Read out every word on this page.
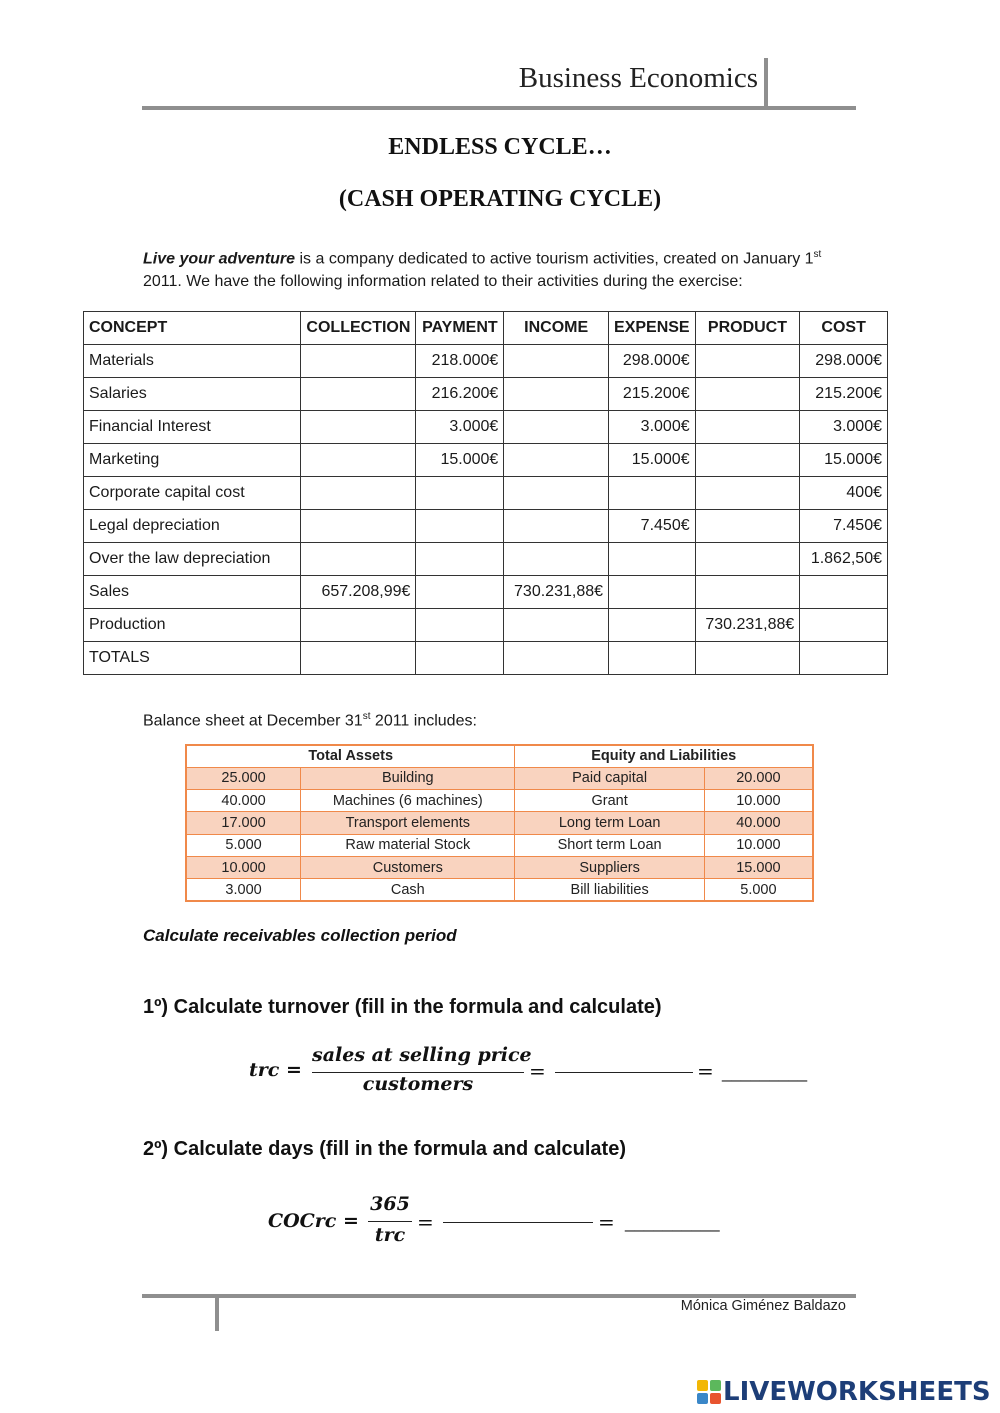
Business Economics
ENDLESS CYCLE…
(CASH OPERATING CYCLE)
Live your adventure is a company dedicated to active tourism activities, created on January 1st
2011. We have the following information related to their activities during the exercise:
CONCEPT	COLLECTION	PAYMENT	INCOME	EXPENSE	PRODUCT	COST
Materials		218.000€		298.000€		298.000€
Salaries		216.200€		215.200€		215.200€
Financial Interest		3.000€		3.000€		3.000€
Marketing		15.000€		15.000€		15.000€
Corporate capital cost						400€
Legal depreciation				7.450€		7.450€
Over the law depreciation						1.862,50€
Sales	657.208,99€		730.231,88€			
Production					730.231,88€	
TOTALS						
Balance sheet at December 31st 2011 includes:
Total Assets		Equity and Liabilities	
25.000	Building	Paid capital	20.000
40.000	Machines (6 machines)	Grant	10.000
17.000	Transport elements	Long term Loan	40.000
5.000	Raw material Stock	Short term Loan	10.000
10.000	Customers	Suppliers	15.000
3.000	Cash	Bill liabilities	5.000
Calculate receivables collection period
1º) Calculate turnover (fill in the formula and calculate)
trc =
sales at selling price
customers
=	= _________
2º) Calculate days (fill in the formula and calculate)
COCrc =
365
trc
=	= __________
Mónica Giménez Baldazo
LIVEWORKSHEETS
